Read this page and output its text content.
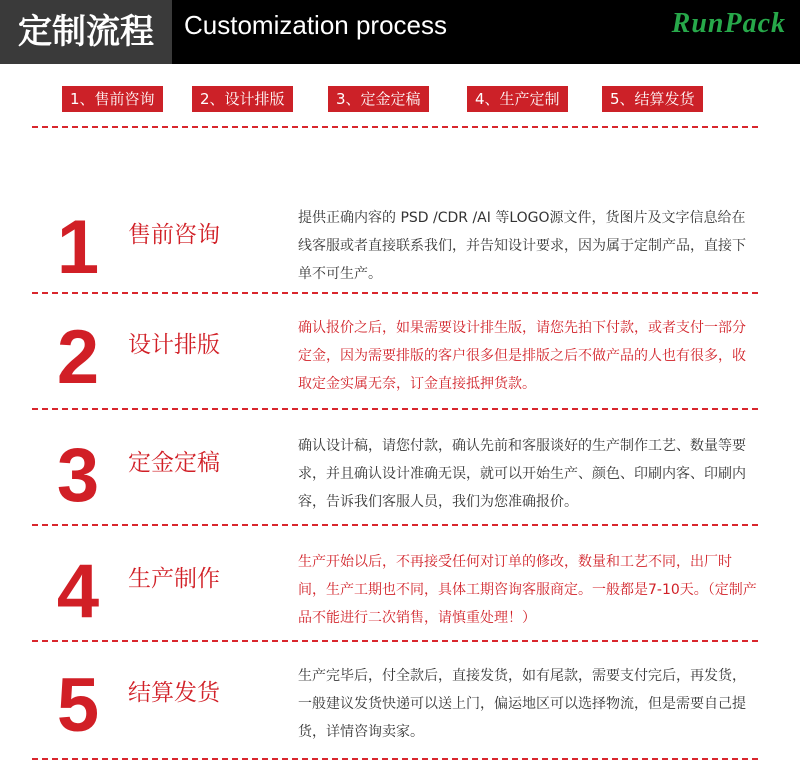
定制流程	Customization process	RunPack
1、售前咨询	2、设计排版	3、定金定稿	4、生产定制	5、结算发货
1	售前咨询
提供正确内容的 PSD /CDR /AI 等LOGO源文件，货图片及文字信息给在线客服或者直接联系我们，并告知设计要求，因为属于定制产品，直接下单不可生产。
2	设计排版
确认报价之后，如果需要设计排生版，请您先拍下付款，或者支付一部分定金，因为需要排版的客户很多但是排版之后不做产品的人也有很多，收取定金实属无奈，订金直接抵押货款。
3	定金定稿
确认设计稿，请您付款，确认先前和客服谈好的生产制作工艺、数量等要求，并且确认设计准确无误，就可以开始生产、颜色、印刷内客、印刷内容，告诉我们客服人员，我们为您准确报价。
4	生产制作
生产开始以后，不再接受任何对订单的修改，数量和工艺不同，出厂时间，生产工期也不同，具体工期咨询客服商定。一般都是7-10天。（定制产品不能进行二次销售，请慎重处理！）
5	结算发货
生产完毕后，付全款后，直接发货，如有尾款，需要支付完后，再发货，一般建议发货快递可以送上门，偏运地区可以选择物流，但是需要自己提货，详情咨询卖家。
